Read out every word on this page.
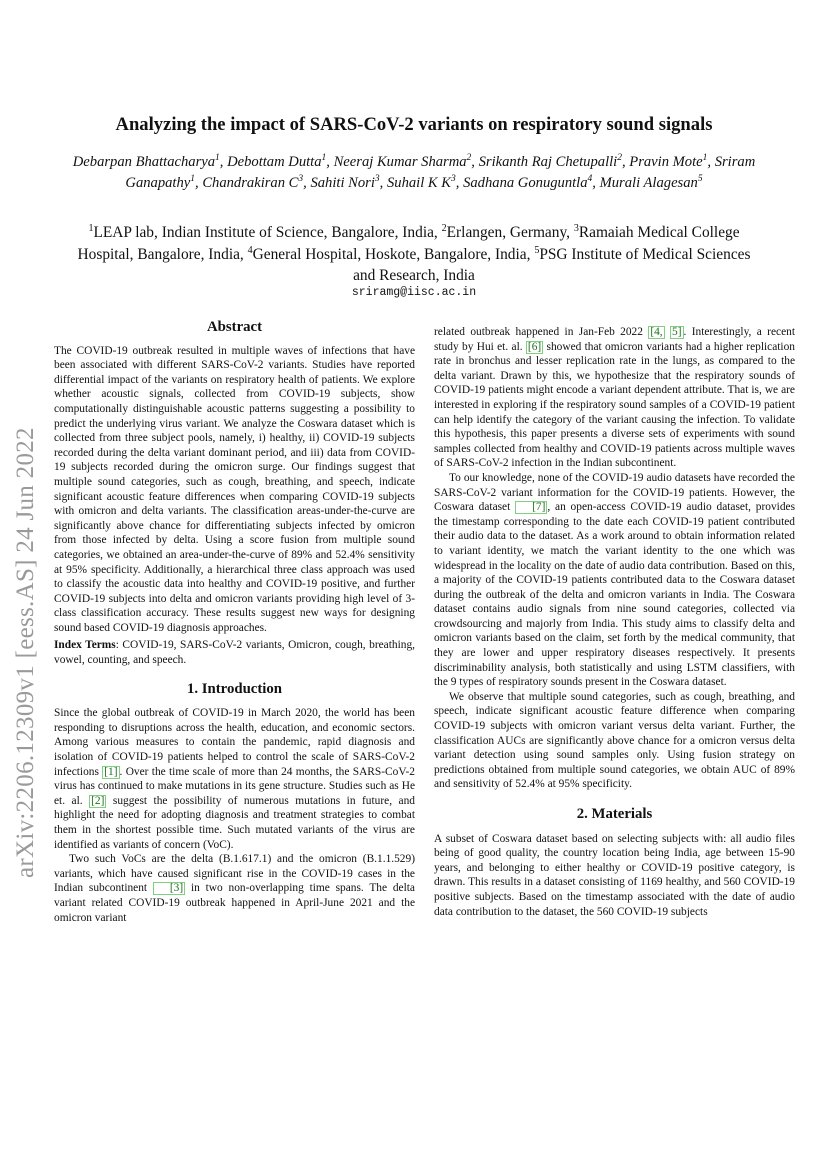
arXiv:2206.12309v1 [eess.AS] 24 Jun 2022
Analyzing the impact of SARS-CoV-2 variants on respiratory sound signals
Debarpan Bhattacharya$^1$, Debottam Dutta$^1$, Neeraj Kumar Sharma$^2$, Srikanth Raj Chetupalli$^2$, Pravin Mote$^1$, Sriram Ganapathy$^1$, Chandrakiran $C^3$, Sahiti Nori$^3$, Suhail K $K^3$, Sadhana Gonuguntla$^4$, Murali Alagesan$^5$
$^1$LEAP lab, Indian Institute of Science, Bangalore, India, $^2$Erlangen, Germany, $^3$Ramaiah Medical College Hospital, Bangalore, India, $^4$General Hospital, Hoskote, Bangalore, India, $^5$PSG Institute of Medical Sciences and Research, India
sriramg@iisc.ac.in
Abstract

The COVID-19 outbreak resulted in multiple waves of infections that have been associated with different SARS-CoV-2 variants. Studies have reported differential impact of the variants on respiratory health of patients. We explore whether acoustic signals, collected from COVID-19 subjects, show computationally distinguishable acoustic patterns suggesting a possibility to predict the underlying virus variant. We analyze the Coswara dataset which is collected from three subject pools, namely, i) healthy, ii) COVID-19 subjects recorded during the delta variant dominant period, and iii) data from COVID-19 subjects recorded during the omicron surge. Our findings suggest that multiple sound categories, such as cough, breathing, and speech, indicate significant acoustic feature differences when comparing COVID-19 subjects with omicron and delta variants. The classification areas-under-the-curve are significantly above chance for differentiating subjects infected by omicron from those infected by delta. Using a score fusion from multiple sound categories, we obtained an area-under-the-curve of 89% and 52.4% sensitivity at 95% specificity. Additionally, a hierarchical three class approach was used to classify the acoustic data into healthy and COVID-19 positive, and further COVID-19 subjects into delta and omicron variants providing high level of 3-class classification accuracy. These results suggest new ways for designing sound based COVID-19 diagnosis approaches.

Index Terms: COVID-19, SARS-CoV-2 variants, Omicron, cough, breathing, vowel, counting, and speech.

1. Introduction

Since the global outbreak of COVID-19 in March 2020, the world has been responding to disruptions across the health, education, and economic sectors. Among various measures to contain the pandemic, rapid diagnosis and isolation of COVID-19 patients helped to control the scale of SARS-CoV-2 infections [1] . Over the time scale of more than 24 months, the SARS-CoV-2 virus has continued to make mutations in its gene structure. Studies such as He et. al. [2] suggest the possibility of numerous mutations in future, and highlight the need for adopting diagnosis and treatment strategies to combat them in the shortest possible time. Such mutated variants of the virus are identified as variants of concern (VoC).

Two such VoCs are the delta (B.1.617.1) and the omicron (B.1.1.529) variants, which have caused significant rise in the COVID-19 cases in the Indian subcontinent [3] in two non-overlapping time spans. The delta variant related COVID-19 outbreak happened in April-June 2021 and the omicron variant

related outbreak happened in Jan-Feb 2022 [4, 5] . Interestingly, a recent study by Hui et. al. [6] showed that omicron variants had a higher replication rate in bronchus and lesser replication rate in the lungs, as compared to the delta variant. Drawn by this, we hypothesize that the respiratory sounds of COVID-19 patients might encode a variant dependent attribute. That is, we are interested in exploring if the respiratory sound samples of a COVID-19 patient can help identify the category of the variant causing the infection. To validate this hypothesis, this paper presents a diverse sets of experiments with sound samples collected from healthy and COVID-19 patients across multiple waves of SARS-CoV-2 infection in the Indian subcontinent.

To our knowledge, none of the COVID-19 audio datasets have recorded the SARS-CoV-2 variant information for the COVID-19 patients. However, the Coswara dataset [7] , an open-access COVID-19 audio dataset, provides the timestamp corresponding to the date each COVID-19 patient contributed their audio data to the dataset. As a work around to obtain information related to variant identity, we match the variant identity to the one which was widespread in the locality on the date of audio data contribution. Based on this, a majority of the COVID-19 patients contributed data to the Coswara dataset during the outbreak of the delta and omicron variants in India. The Coswara dataset contains audio signals from nine sound categories, collected via crowdsourcing and majorly from India. This study aims to classify delta and omicron variants based on the claim, set forth by the medical community, that they are lower and upper respiratory diseases respectively. It presents discriminability analysis, both statistically and using LSTM classifiers, with the 9 types of respiratory sounds present in the Coswara dataset.

We observe that multiple sound categories, such as cough, breathing, and speech, indicate significant acoustic feature difference when comparing COVID-19 subjects with omicron variant versus delta variant. Further, the classification AUCs are significantly above chance for a omicron versus delta variant detection using sound samples only. Using fusion strategy on predictions obtained from multiple sound categories, we obtain AUC of 89% and sensitivity of 52.4% at 95% specificity.

2. Materials

A subset of Coswara dataset based on selecting subjects with: all audio files being of good quality, the country location being India, age between 15-90 years, and belonging to either healthy or COVID-19 positive category, is drawn. This results in a dataset consisting of 1169 healthy, and 560 COVID-19 positive subjects. Based on the timestamp associated with the date of audio data contribution to the dataset, the 560 COVID-19 subjects
